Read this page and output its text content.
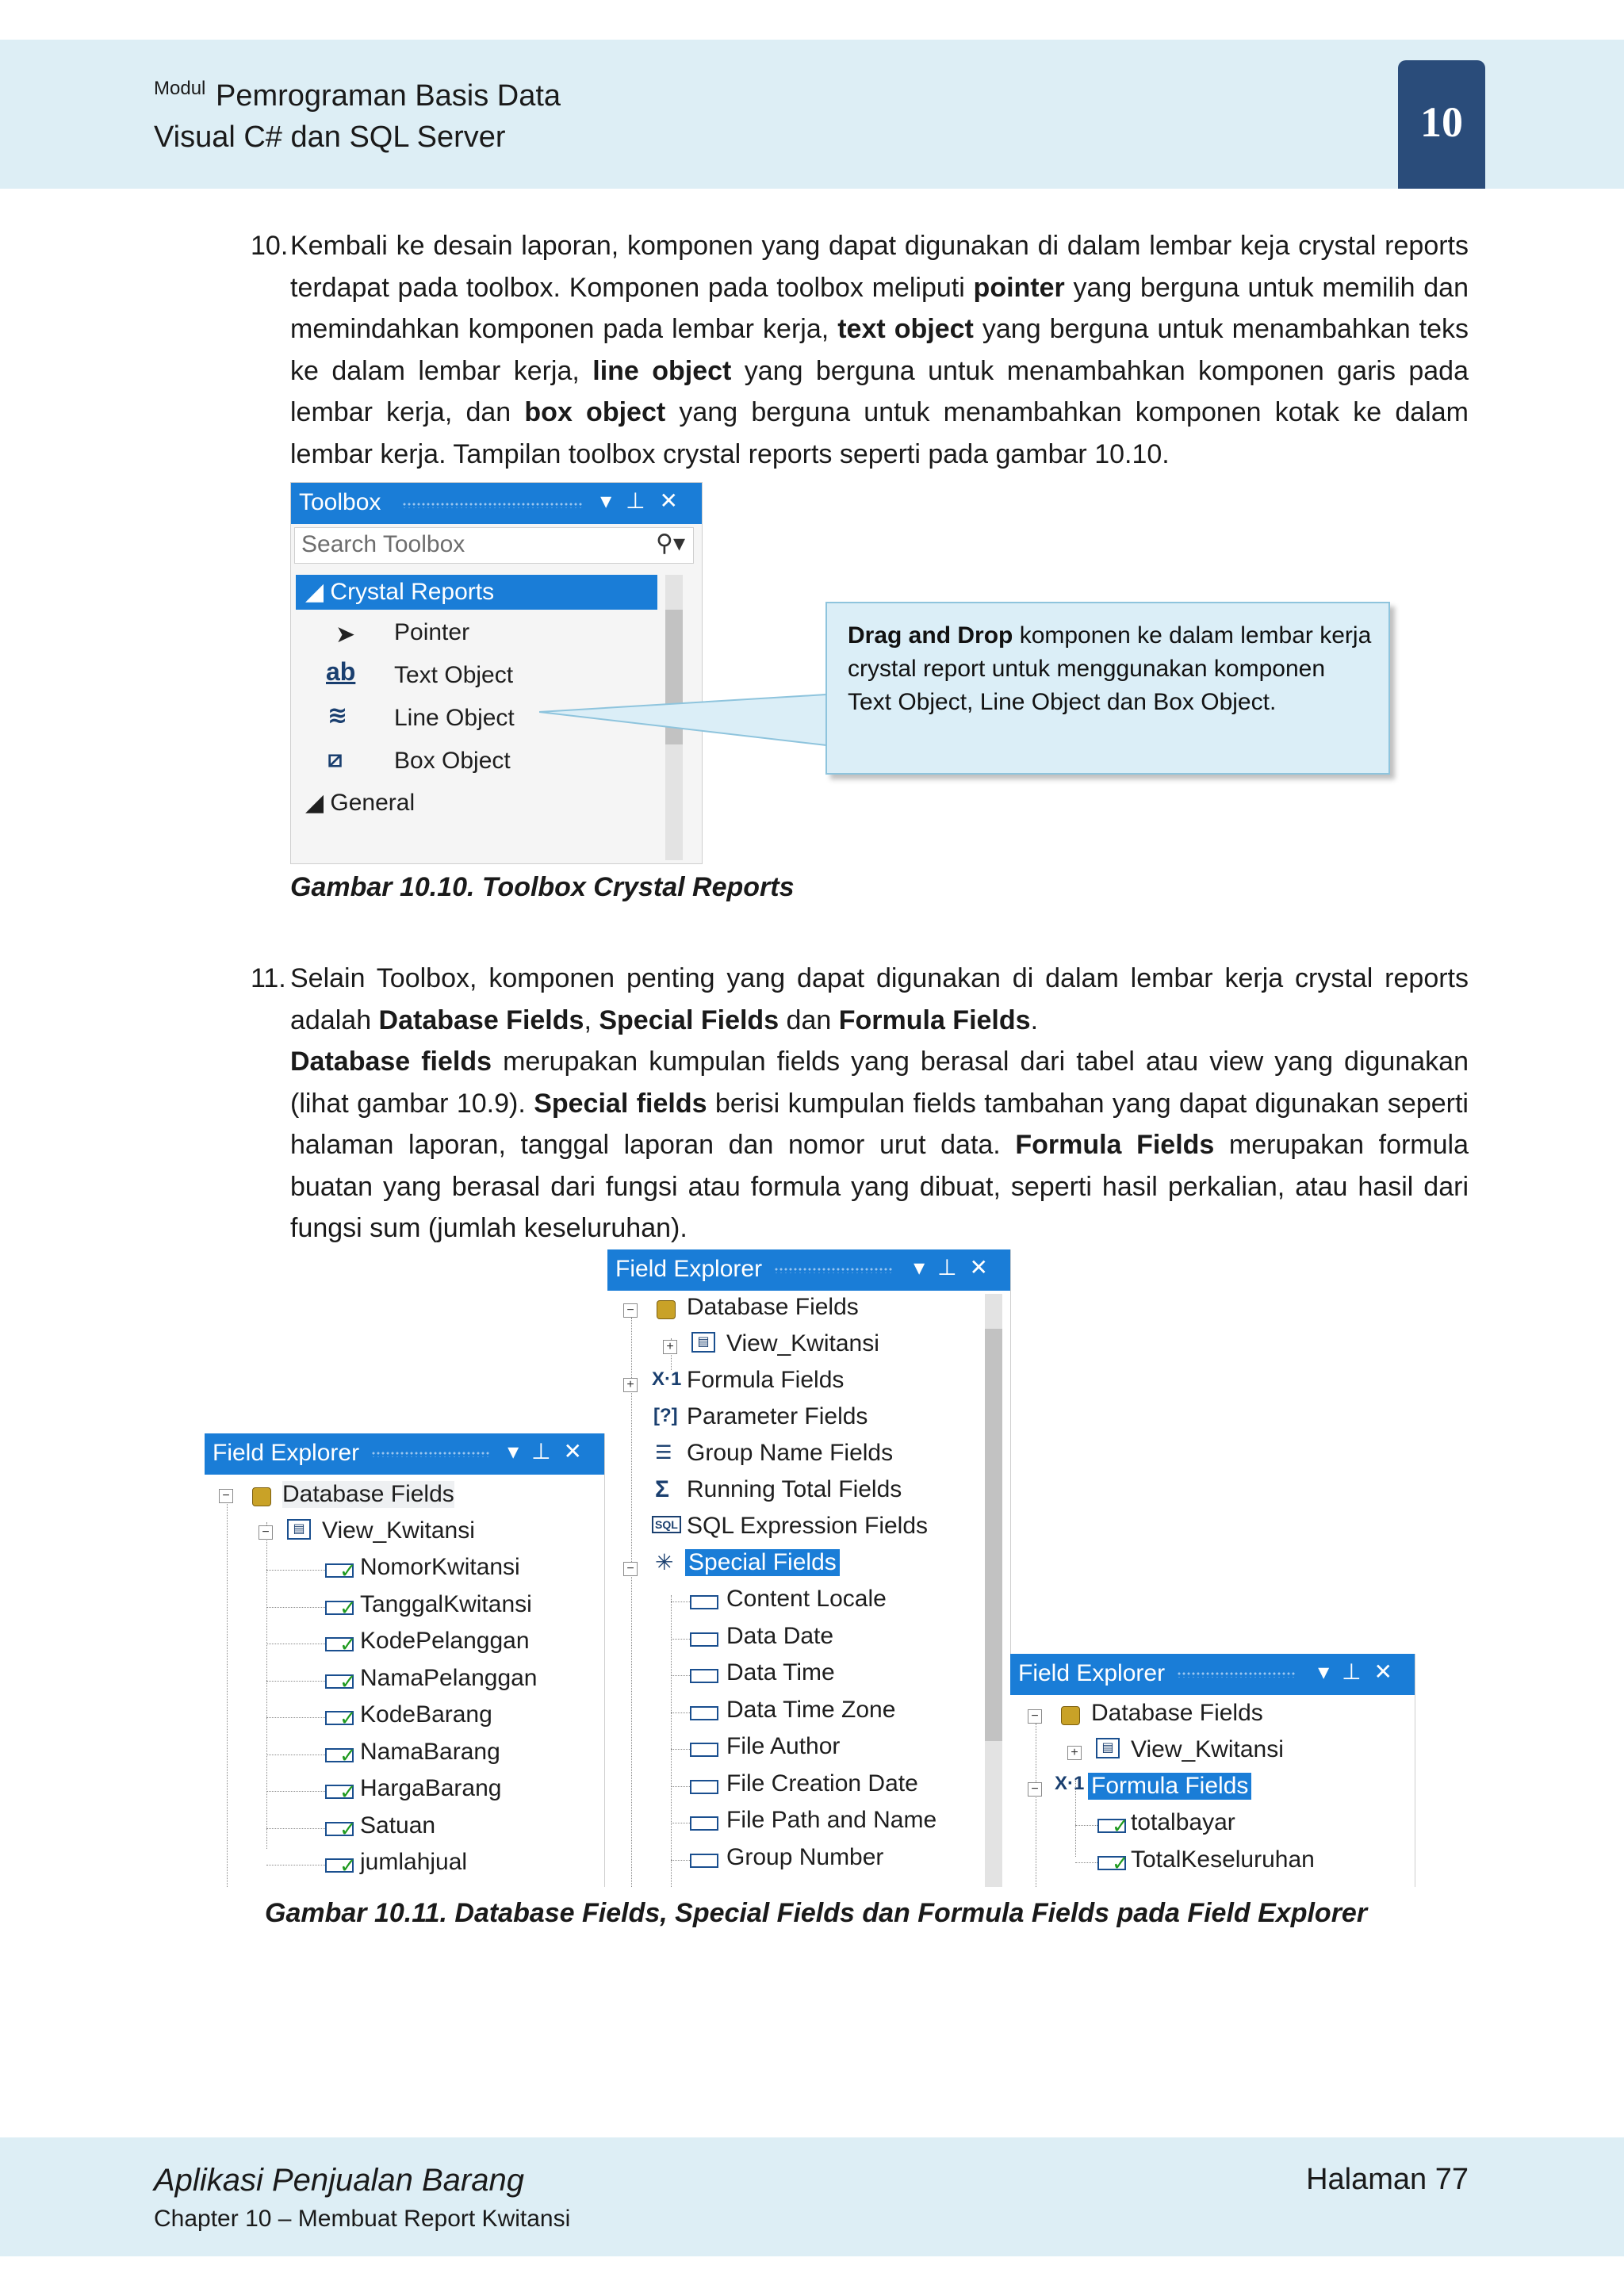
Modul Pemrograman Basis Data
Visual C# dan SQL Server	10
10. Kembali ke desain laporan, komponen yang dapat digunakan di dalam lembar keja crystal reports terdapat pada toolbox. Komponen pada toolbox meliputi pointer yang berguna untuk memilih dan memindahkan komponen pada lembar kerja, text object yang berguna untuk menambahkan teks ke dalam lembar kerja, line object yang berguna untuk menambahkan komponen garis pada lembar kerja, dan box object yang berguna untuk menambahkan komponen kotak ke dalam lembar kerja. Tampilan toolbox crystal reports seperti pada gambar 10.10.
Toolbox	▾⊥✕
Search Toolbox	⚲▾
◢ Crystal Reports
➤ Pointer
ab Text Object
≋ Line Object
⧄ Box Object
◢ General
Drag and Drop komponen ke dalam lembar kerja crystal report untuk menggunakan komponen Text Object, Line Object dan Box Object.
Gambar 10.10. Toolbox Crystal Reports
11. Selain Toolbox, komponen penting yang dapat digunakan di dalam lembar kerja crystal reports adalah Database Fields, Special Fields dan Formula Fields.
Database fields merupakan kumpulan fields yang berasal dari tabel atau view yang digunakan (lihat gambar 10.9). Special fields berisi kumpulan fields tambahan yang dapat digunakan seperti halaman laporan, tanggal laporan dan nomor urut data. Formula Fields merupakan formula buatan yang berasal dari fungsi atau formula yang dibuat, seperti hasil perkalian, atau hasil dari fungsi sum (jumlah keseluruhan).
Field Explorer	▾⊥✕
− Database Fields
−	▤ View_Kwitansi
✓ NomorKwitansi
✓ TanggalKwitansi
✓ KodePelanggan
✓ NamaPelanggan
✓ KodeBarang
✓ NamaBarang
✓ HargaBarang
✓ Satuan
✓ jumlahjual
Field Explorer	▾⊥✕
− Database Fields
+	▤ View_Kwitansi
+ X·1 Formula Fields
[?] Parameter Fields
☰ Group Name Fields
Σ Running Total Fields
SQL SQL Expression Fields
− ✳ Special Fields
Content Locale
Data Date
Data Time
Data Time Zone
File Author
File Creation Date
File Path and Name
Group Number
Field Explorer	▾⊥✕
− Database Fields
+	▤ View_Kwitansi
− X·1 Formula Fields
✓ totalbayar
✓ TotalKeseluruhan
Gambar 10.11. Database Fields, Special Fields dan Formula Fields pada Field Explorer
Aplikasi Penjualan Barang
Chapter 10 – Membuat Report Kwitansi
Halaman 77
